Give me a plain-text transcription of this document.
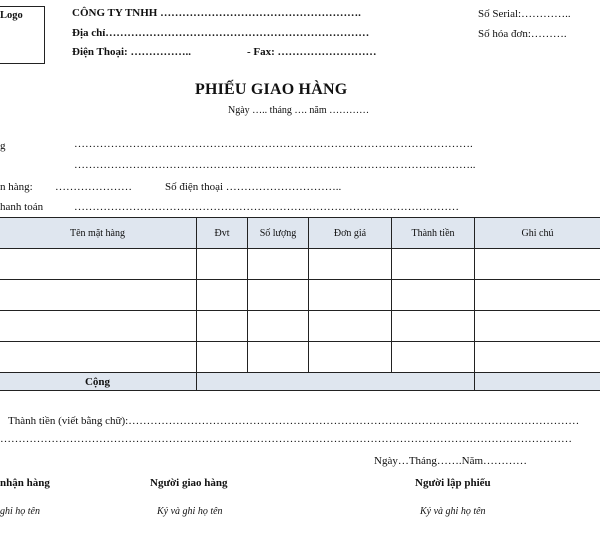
Logo	CÔNG TY TNHH ……………………………………………….
Địa chỉ………………………………………………………………
Điện Thoại: ……………..	- Fax: ………………………
Số Serial:…………..
Số hóa đơn:……….
PHIẾU GIAO HÀNG
Ngày ….. tháng …. năm …………
g	……………………………………………………………………………………………….
………………………………………………………………………………………………..
n hàng: …………………	Số điện thoại …………………………..
hanh toán	……………………………………………………………………………………………
Tên mặt hàng	Đvt	Số lượng	Đơn giá	Thành tiền	Ghi chú

Cộng					
Thành tiền (viết bằng chữ):……………………………………………………………………………………………………………
…………………………………………………………………………………………………………………………………………
Ngày…Tháng…….Năm…………
nhận hàng
ghi họ tên
Người giao hàng
Ký và ghi họ tên
Người lập phiếu
Ký và ghi họ tên
